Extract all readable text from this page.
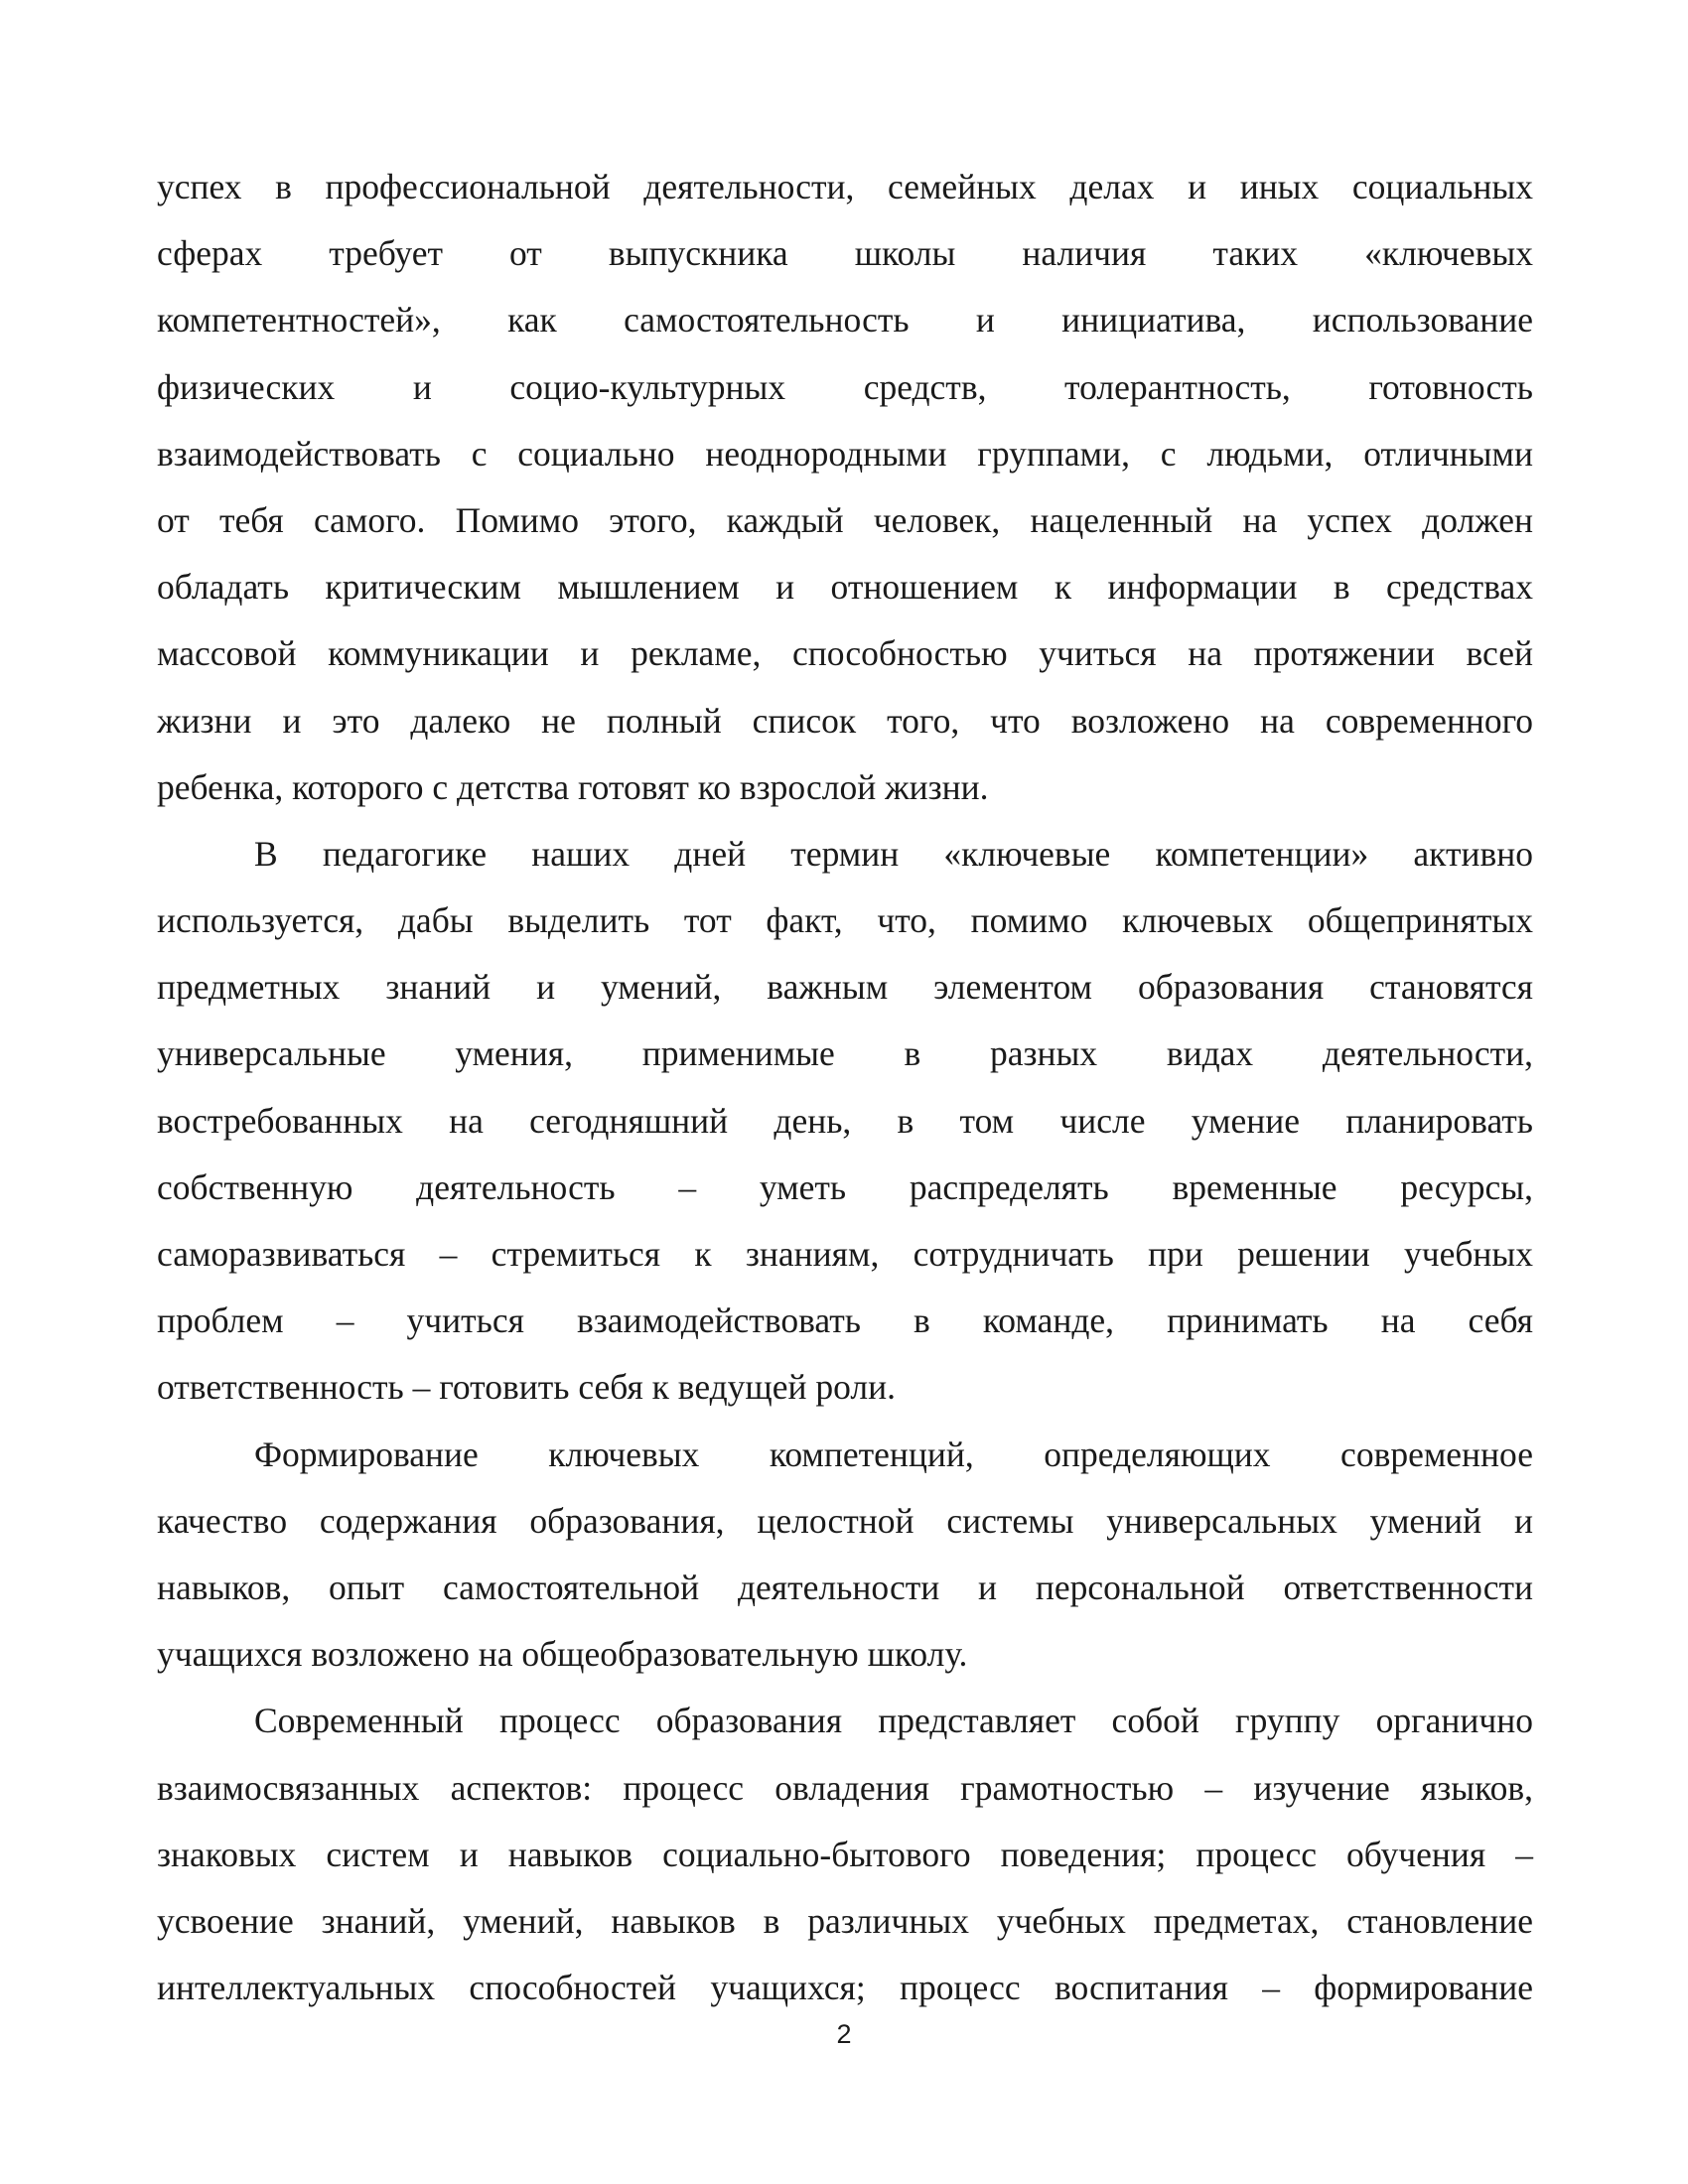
успех в профессиональной деятельности, семейных делах и иных социальных
сферах требует от выпускника школы наличия таких «ключевых
компетентностей», как самостоятельность и инициатива, использование
физических и социо-культурных средств, толерантность, готовность
взаимодействовать с социально неоднородными группами, с людьми, отличными
от тебя самого. Помимо этого, каждый человек, нацеленный на успех должен
обладать критическим мышлением и отношением к информации в средствах
массовой коммуникации и рекламе, способностью учиться на протяжении всей
жизни и это далеко не полный список того, что возложено на современного
ребенка, которого с детства готовят ко взрослой жизни.
В педагогике наших дней термин «ключевые компетенции» активно
используется, дабы выделить тот факт, что, помимо ключевых общепринятых
предметных знаний и умений, важным элементом образования становятся
универсальные умения, применимые в разных видах деятельности,
востребованных на сегодняшний день, в том числе умение планировать
собственную деятельность – уметь распределять временные ресурсы,
саморазвиваться – стремиться к знаниям, сотрудничать при решении учебных
проблем – учиться взаимодействовать в команде, принимать на себя
ответственность – готовить себя к ведущей роли.
Формирование ключевых компетенций, определяющих современное
качество содержания образования, целостной системы универсальных умений и
навыков, опыт самостоятельной деятельности и персональной ответственности
учащихся возложено на общеобразовательную школу.
Современный процесс образования представляет собой группу органично
взаимосвязанных аспектов: процесс овладения грамотностью – изучение языков,
знаковых систем и навыков социально-бытового поведения; процесс обучения –
усвоение знаний, умений, навыков в различных учебных предметах, становление
интеллектуальных способностей учащихся; процесс воспитания – формирование
2
